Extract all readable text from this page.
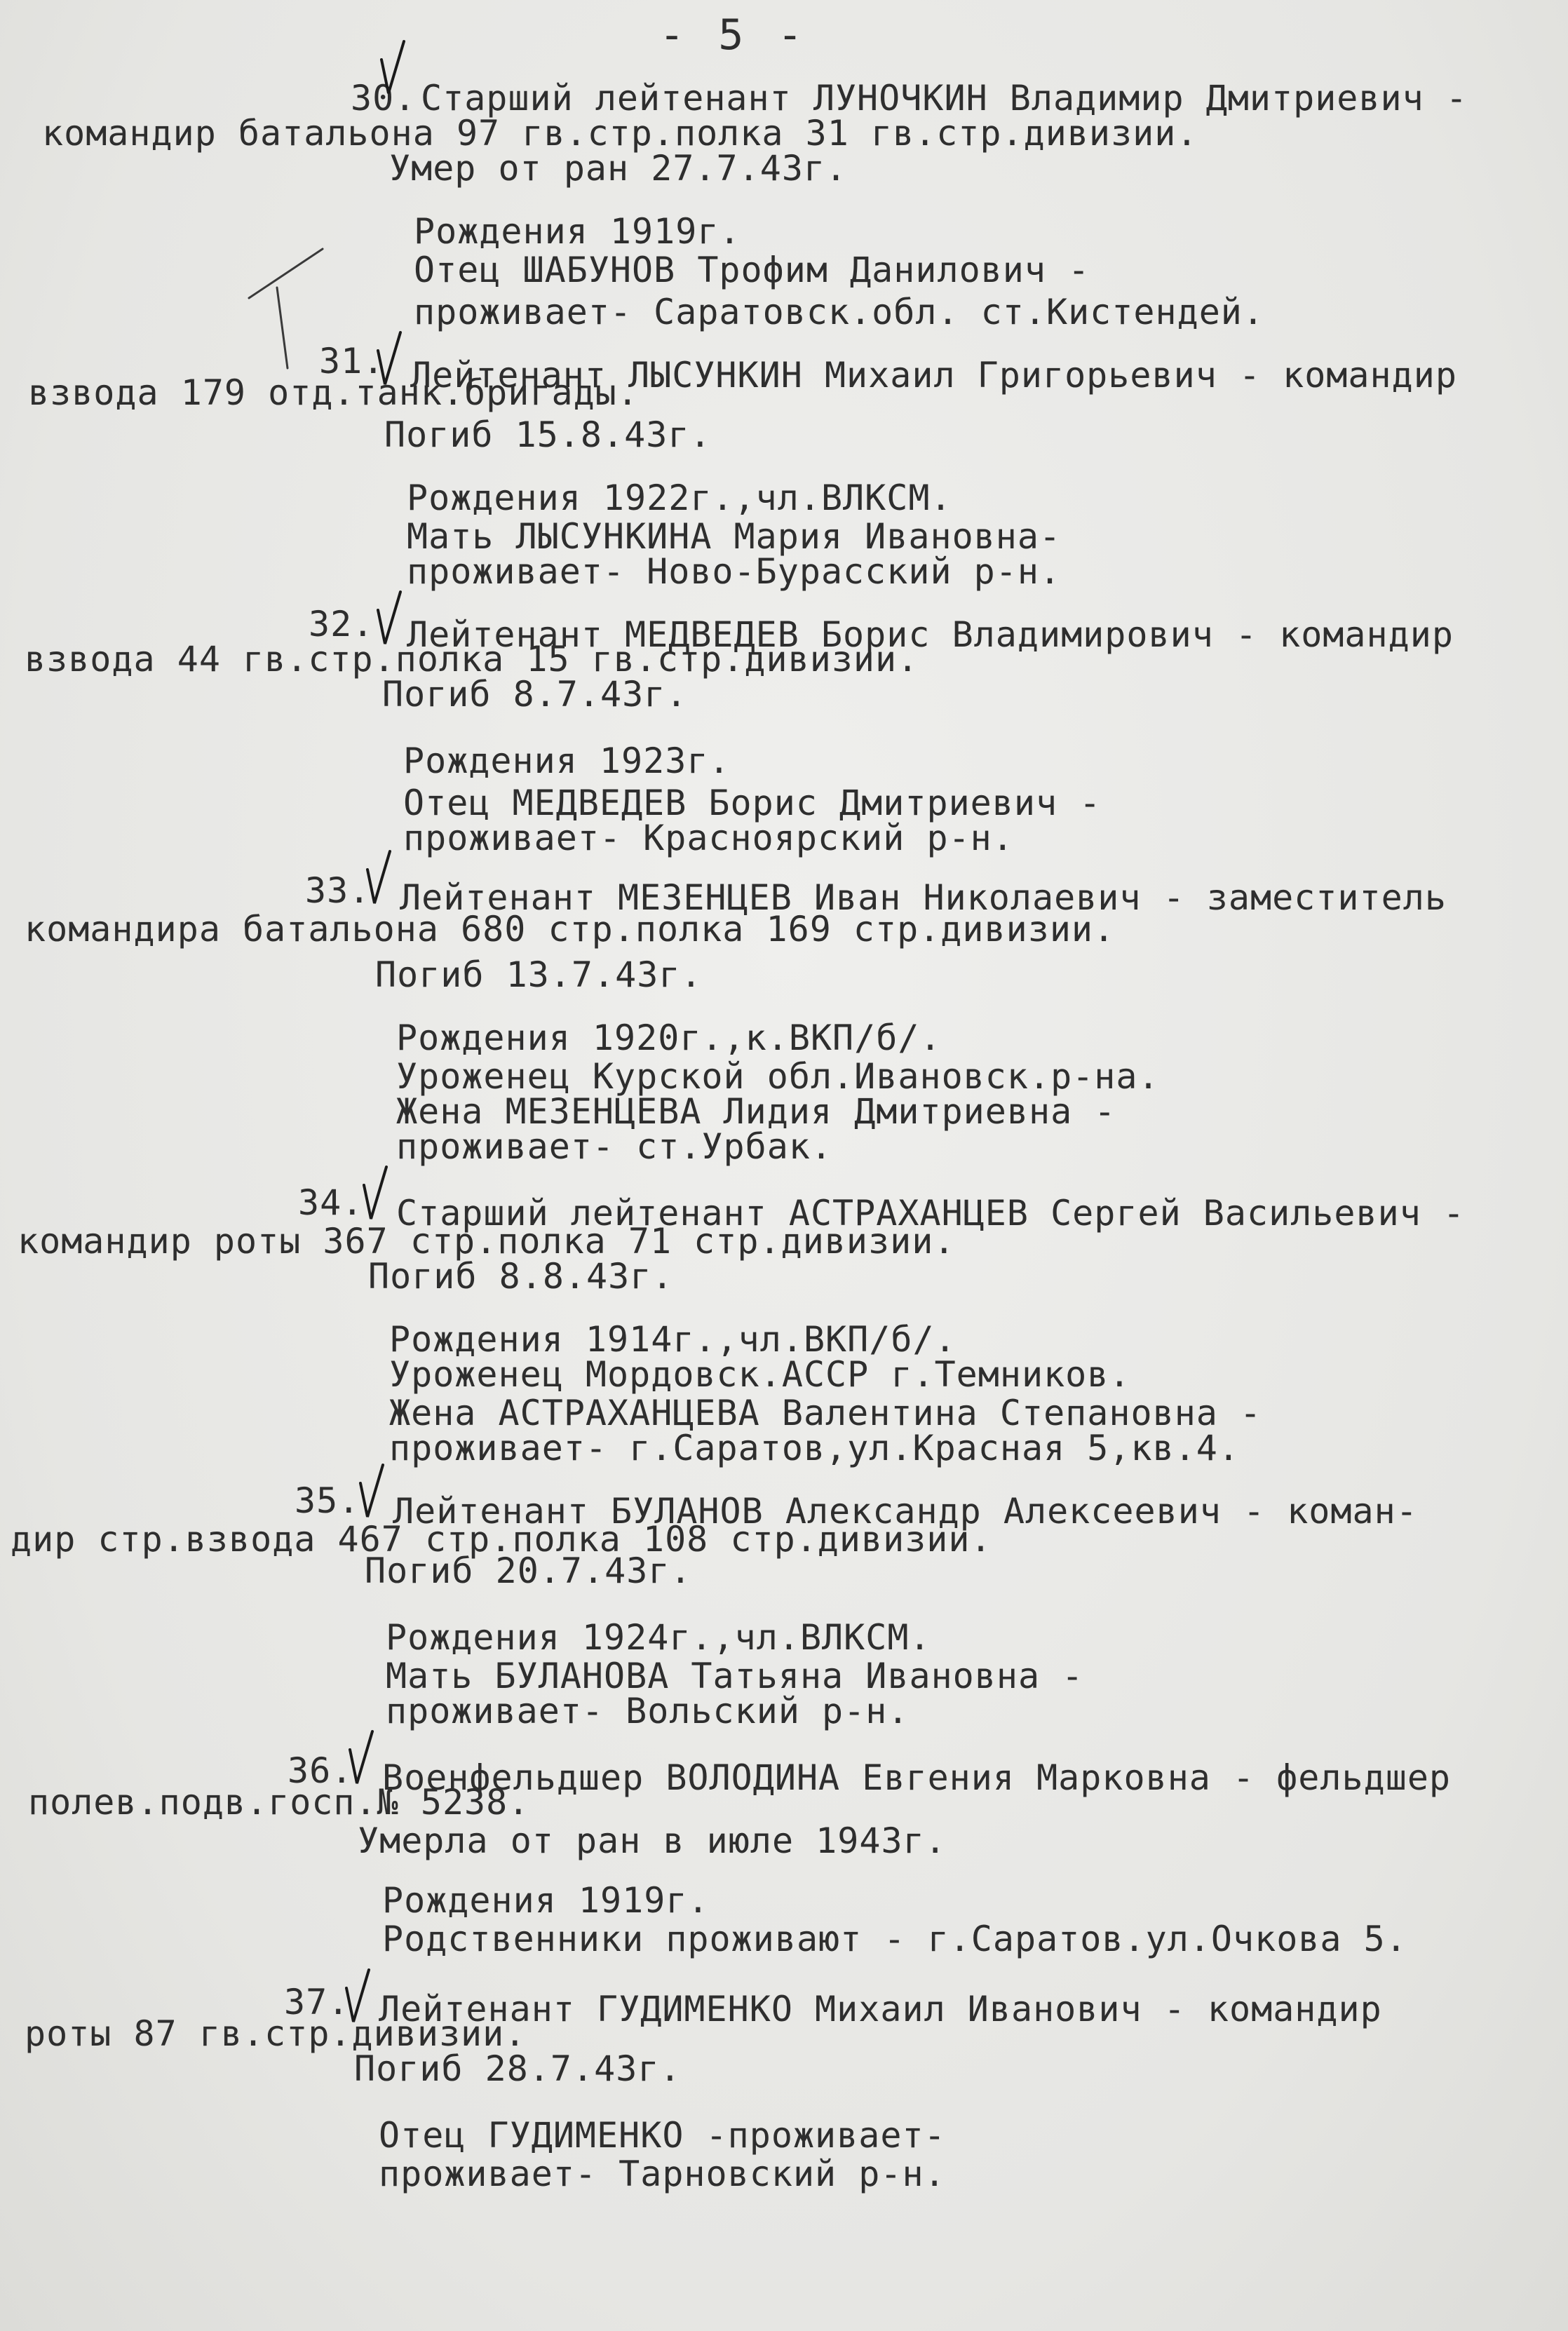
- 5 -
30. Старший лейтенант ЛУНОЧКИН Владимир Дмитриевич -
командир батальона 97 гв.стр.полка 31 гв.стр.дивизии.
Умер от ран 27.7.43г.
Рождения 1919г.
Отец ШАБУНОВ Трофим Данилович -
проживает- Саратовск.обл. ст.Кистендей.
31. Лейтенант ЛЫСУНКИН Михаил Григорьевич - командир
взвода 179 отд.танк.бригады.
Погиб 15.8.43г.
Рождения 1922г.,чл.ВЛКСМ.
Мать ЛЫСУНКИНА Мария Ивановна-
проживает- Ново-Бурасский р-н.
32. Лейтенант МЕДВЕДЕВ Борис Владимирович - командир
взвода 44 гв.стр.полка 15 гв.стр.дивизии.
Погиб 8.7.43г.
Рождения 1923г.
Отец МЕДВЕДЕВ Борис Дмитриевич -
проживает- Краснoярский р-н.
33. Лейтенант МЕЗЕНЦЕВ Иван Николаевич - заместитель
командира батальона 680 стр.полка 169 стр.дивизии.
Погиб 13.7.43г.
Рождения 1920г.,к.ВКП/б/.
Уроженец Курской обл.Ивановск.р-на.
Жена МЕЗЕНЦЕВА Лидия Дмитриевна -
проживает- ст.Урбак.
34. Старший лейтенант АСТРАХАНЦЕВ Сергей Васильевич -
командир роты 367 стр.полка 71 стр.дивизии.
Погиб 8.8.43г.
Рождения 1914г.,чл.ВКП/б/.
Уроженец Мордовск.АССР г.Темников.
Жена АСТРАХАНЦЕВА Валентина Степановна -
проживает- г.Саратов,ул.Красная 5,кв.4.
35. Лейтенант БУЛАНОВ Александр Алексеевич - коман-
дир стр.взвода 467 стр.полка 108 стр.дивизии.
Погиб 20.7.43г.
Рождения 1924г.,чл.ВЛКСМ.
Мать БУЛАНОВА Татьяна Ивановна -
проживает- Вольский р-н.
36. Военфельдшер ВОЛОДИНА Евгения Марковна - фельдшер
полев.подв.госп.№ 5238.
Умерла от ран в июле 1943г.
Рождения 1919г.
Родственники проживают - г.Саратов.ул.Очкова 5.
37. Лейтенант ГУДИМЕНКО Михаил Иванович - командир
роты 87 гв.стр.дивизии.
Погиб 28.7.43г.
Отец ГУДИМЕНКО -проживает-
проживает- Тарновский р-н.
